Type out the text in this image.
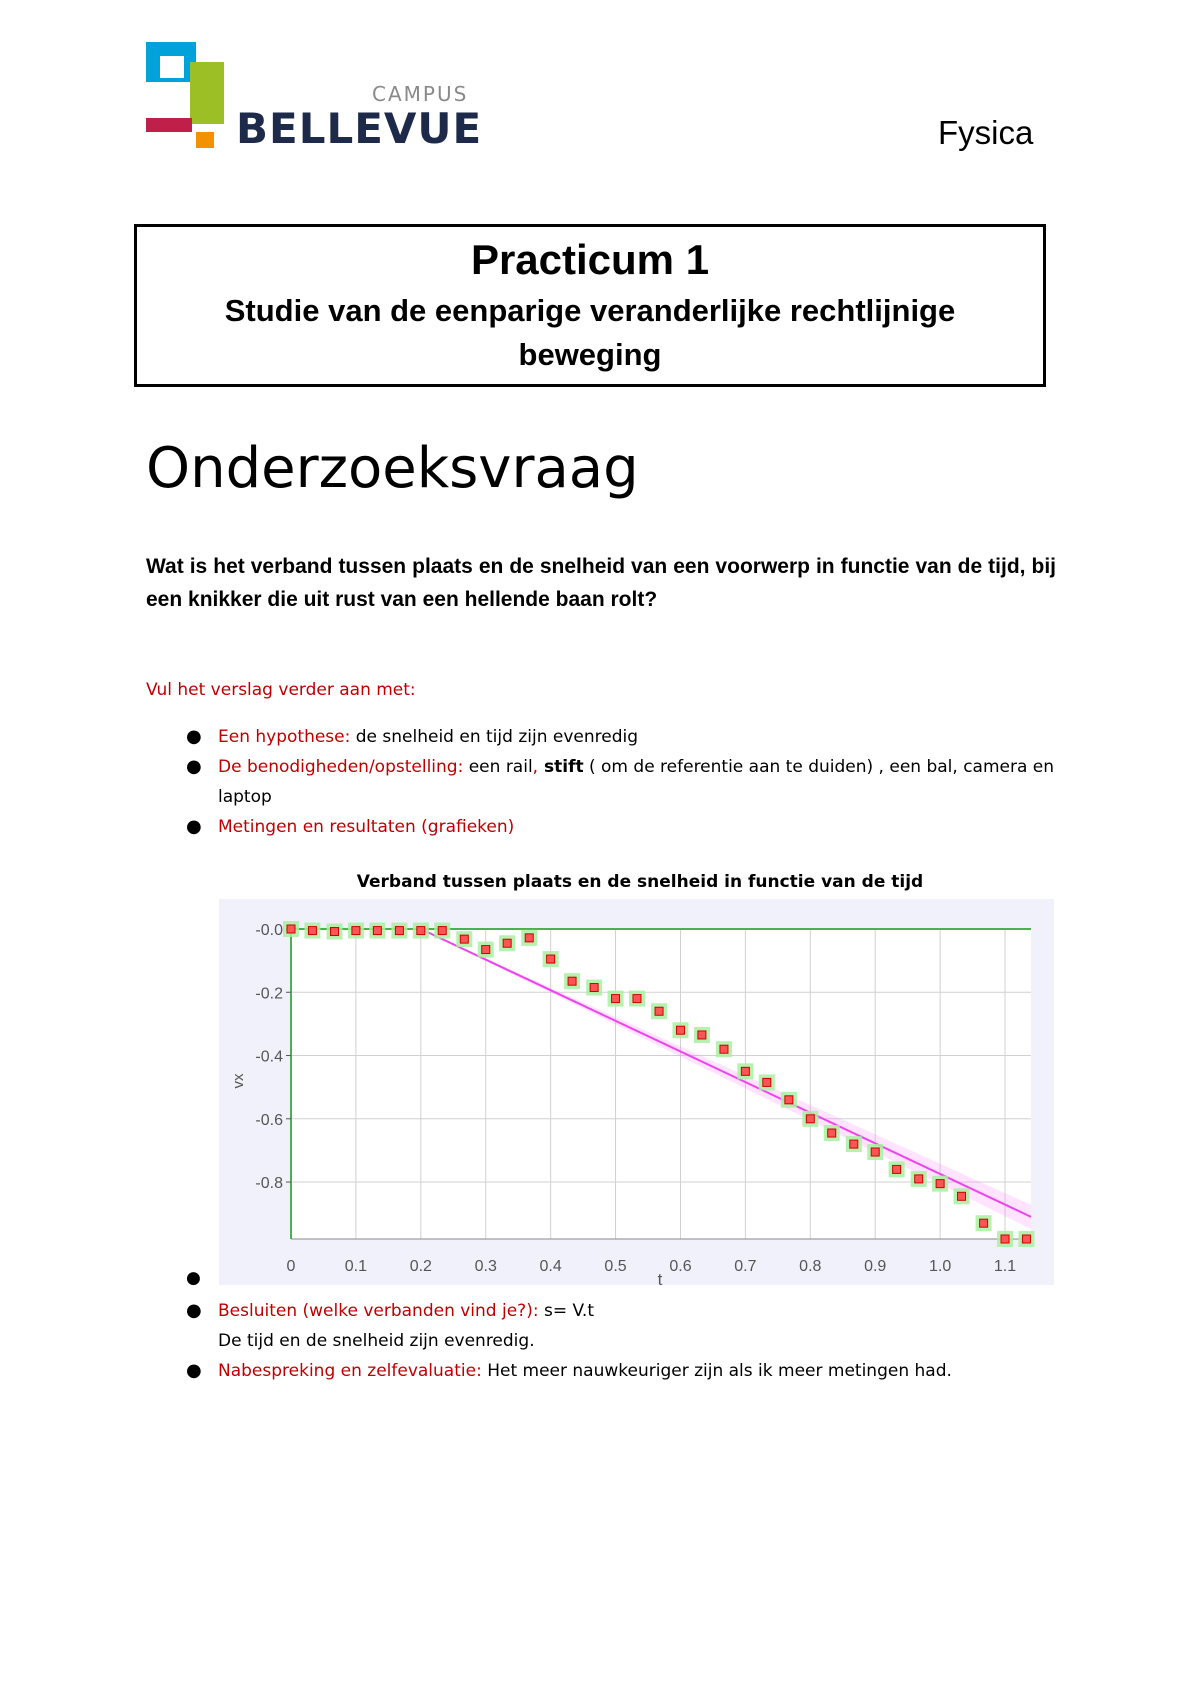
CAMPUS
BELLEVUE	Fysica
Practicum 1
Studie van de eenparige veranderlijke rechtlijnige beweging
Onderzoeksvraag
Wat is het verband tussen plaats en de snelheid van een voorwerp in functie van de tijd, bij een knikker die uit rust van een hellende baan rolt?
Vul het verslag verder aan met:
● Een hypothese: de snelheid en tijd zijn evenredig
● De benodigheden/opstelling: een rail, stift ( om de referentie aan te duiden) , een bal, camera en laptop
● Metingen en resultaten (grafieken)
Verband tussen plaats en de snelheid in functie van de tijd
0	0.1	0.2	0.3	0.4	0.5	0.6	0.7	0.8	0.9	1.0	1.1
-0.0
-0.2
-0.4
-0.6
-0.8
t
vx
●
● Besluiten (welke verbanden vind je?): s= V.t
De tijd en de snelheid zijn evenredig.
● Nabespreking en zelfevaluatie: Het meer nauwkeuriger zijn als ik meer metingen had.
